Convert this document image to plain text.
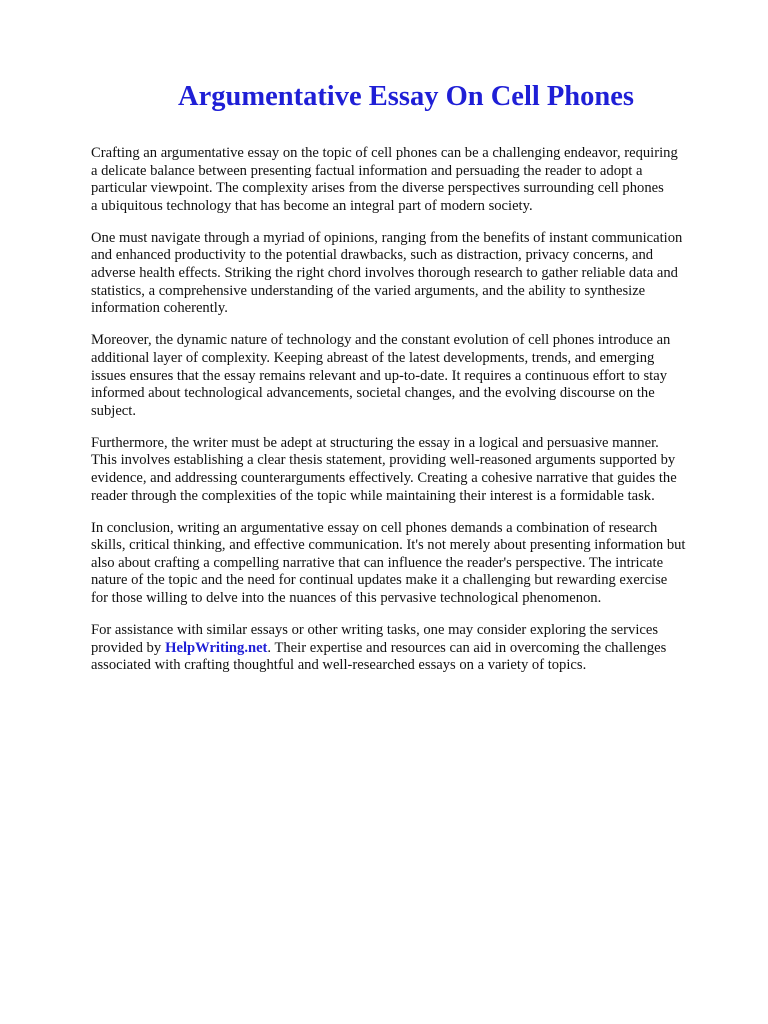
Argumentative Essay On Cell Phones

Crafting an argumentative essay on the topic of cell phones can be a challenging endeavor, requiring
a delicate balance between presenting factual information and persuading the reader to adopt a
particular viewpoint. The complexity arises from the diverse perspectives surrounding cell phones
a ubiquitous technology that has become an integral part of modern society.

One must navigate through a myriad of opinions, ranging from the benefits of instant communication
and enhanced productivity to the potential drawbacks, such as distraction, privacy concerns, and
adverse health effects. Striking the right chord involves thorough research to gather reliable data and
statistics, a comprehensive understanding of the varied arguments, and the ability to synthesize
information coherently.

Moreover, the dynamic nature of technology and the constant evolution of cell phones introduce an
additional layer of complexity. Keeping abreast of the latest developments, trends, and emerging
issues ensures that the essay remains relevant and up-to-date. It requires a continuous effort to stay
informed about technological advancements, societal changes, and the evolving discourse on the
subject.

Furthermore, the writer must be adept at structuring the essay in a logical and persuasive manner.
This involves establishing a clear thesis statement, providing well-reasoned arguments supported by
evidence, and addressing counterarguments effectively. Creating a cohesive narrative that guides the
reader through the complexities of the topic while maintaining their interest is a formidable task.

In conclusion, writing an argumentative essay on cell phones demands a combination of research
skills, critical thinking, and effective communication. It's not merely about presenting information but
also about crafting a compelling narrative that can influence the reader's perspective. The intricate
nature of the topic and the need for continual updates make it a challenging but rewarding exercise
for those willing to delve into the nuances of this pervasive technological phenomenon.

For assistance with similar essays or other writing tasks, one may consider exploring the services
provided by HelpWriting.net. Their expertise and resources can aid in overcoming the challenges
associated with crafting thoughtful and well-researched essays on a variety of topics.
